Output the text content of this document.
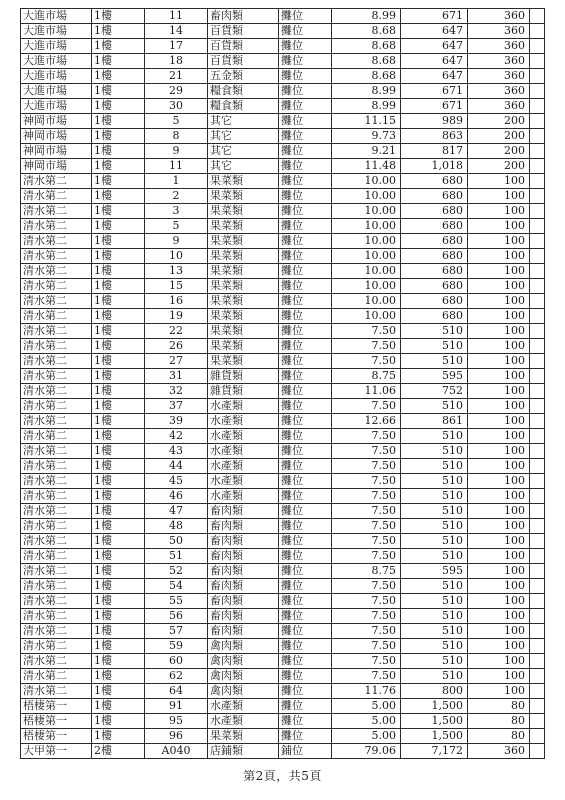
大進市場	1樓	11	畜肉類	攤位	8.99	671	360	
大進市場	1樓	14	百貨類	攤位	8.68	647	360	
大進市場	1樓	17	百貨類	攤位	8.68	647	360	
大進市場	1樓	18	百貨類	攤位	8.68	647	360	
大進市場	1樓	21	五金類	攤位	8.68	647	360	
大進市場	1樓	29	糧食類	攤位	8.99	671	360	
大進市場	1樓	30	糧食類	攤位	8.99	671	360	
神岡市場	1樓	5	其它	攤位	11.15	989	200	
神岡市場	1樓	8	其它	攤位	9.73	863	200	
神岡市場	1樓	9	其它	攤位	9.21	817	200	
神岡市場	1樓	11	其它	攤位	11.48	1,018	200	
清水第二	1樓	1	果菜類	攤位	10.00	680	100	
清水第二	1樓	2	果菜類	攤位	10.00	680	100	
清水第二	1樓	3	果菜類	攤位	10.00	680	100	
清水第二	1樓	5	果菜類	攤位	10.00	680	100	
清水第二	1樓	9	果菜類	攤位	10.00	680	100	
清水第二	1樓	10	果菜類	攤位	10.00	680	100	
清水第二	1樓	13	果菜類	攤位	10.00	680	100	
清水第二	1樓	15	果菜類	攤位	10.00	680	100	
清水第二	1樓	16	果菜類	攤位	10.00	680	100	
清水第二	1樓	19	果菜類	攤位	10.00	680	100	
清水第二	1樓	22	果菜類	攤位	7.50	510	100	
清水第二	1樓	26	果菜類	攤位	7.50	510	100	
清水第二	1樓	27	果菜類	攤位	7.50	510	100	
清水第二	1樓	31	雜貨類	攤位	8.75	595	100	
清水第二	1樓	32	雜貨類	攤位	11.06	752	100	
清水第二	1樓	37	水產類	攤位	7.50	510	100	
清水第二	1樓	39	水產類	攤位	12.66	861	100	
清水第二	1樓	42	水產類	攤位	7.50	510	100	
清水第二	1樓	43	水產類	攤位	7.50	510	100	
清水第二	1樓	44	水產類	攤位	7.50	510	100	
清水第二	1樓	45	水產類	攤位	7.50	510	100	
清水第二	1樓	46	水產類	攤位	7.50	510	100	
清水第二	1樓	47	畜肉類	攤位	7.50	510	100	
清水第二	1樓	48	畜肉類	攤位	7.50	510	100	
清水第二	1樓	50	畜肉類	攤位	7.50	510	100	
清水第二	1樓	51	畜肉類	攤位	7.50	510	100	
清水第二	1樓	52	畜肉類	攤位	8.75	595	100	
清水第二	1樓	54	畜肉類	攤位	7.50	510	100	
清水第二	1樓	55	畜肉類	攤位	7.50	510	100	
清水第二	1樓	56	畜肉類	攤位	7.50	510	100	
清水第二	1樓	57	畜肉類	攤位	7.50	510	100	
清水第二	1樓	59	禽肉類	攤位	7.50	510	100	
清水第二	1樓	60	禽肉類	攤位	7.50	510	100	
清水第二	1樓	62	禽肉類	攤位	7.50	510	100	
清水第二	1樓	64	禽肉類	攤位	11.76	800	100	
梧棲第一	1樓	91	水產類	攤位	5.00	1,500	80	
梧棲第一	1樓	95	水產類	攤位	5.00	1,500	80	
梧棲第一	1樓	96	果菜類	攤位	5.00	1,500	80	
大甲第一	2樓	A040	店鋪類	鋪位	79.06	7,172	360	
第2頁，共5頁
